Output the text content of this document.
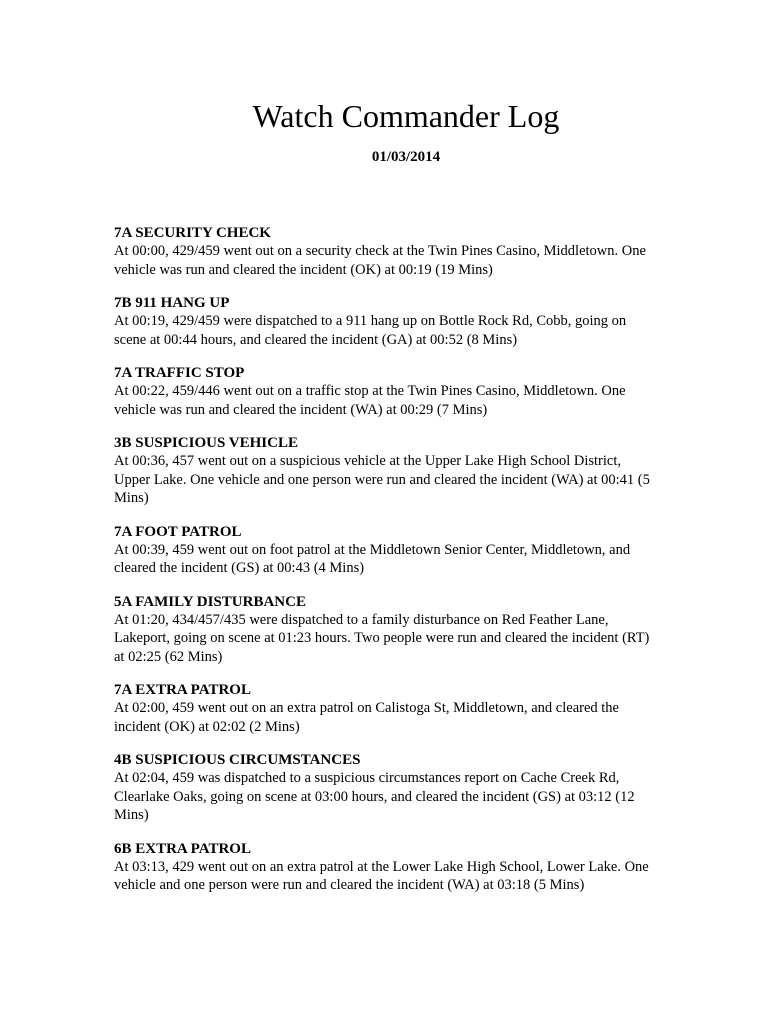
Watch Commander Log
01/03/2014
7A SECURITY CHECK
At 00:00, 429/459 went out on a security check at the Twin Pines Casino, Middletown. One vehicle was run and cleared the incident (OK) at 00:19 (19 Mins)
7B 911 HANG UP
At 00:19, 429/459 were dispatched to a 911 hang up on Bottle Rock Rd, Cobb, going on scene at 00:44 hours, and cleared the incident (GA) at 00:52 (8 Mins)
7A TRAFFIC STOP
At 00:22, 459/446 went out on a traffic stop at the Twin Pines Casino, Middletown. One vehicle was run and cleared the incident (WA) at 00:29 (7 Mins)
3B SUSPICIOUS VEHICLE
At 00:36, 457 went out on a suspicious vehicle at the Upper Lake High School District, Upper Lake. One vehicle and one person were run and cleared the incident (WA) at 00:41 (5 Mins)
7A FOOT PATROL
At 00:39, 459 went out on foot patrol at the Middletown Senior Center, Middletown, and cleared the incident (GS) at 00:43 (4 Mins)
5A FAMILY DISTURBANCE
At 01:20, 434/457/435 were dispatched to a family disturbance on Red Feather Lane, Lakeport, going on scene at 01:23 hours. Two people were run and cleared the incident (RT) at 02:25 (62 Mins)
7A EXTRA PATROL
At 02:00, 459 went out on an extra patrol on Calistoga St, Middletown, and cleared the incident (OK) at 02:02 (2 Mins)
4B SUSPICIOUS CIRCUMSTANCES
At 02:04, 459 was dispatched to a suspicious circumstances report on Cache Creek Rd, Clearlake Oaks, going on scene at 03:00 hours, and cleared the incident (GS) at 03:12 (12 Mins)
6B EXTRA PATROL
At 03:13, 429 went out on an extra patrol at the Lower Lake High School, Lower Lake. One vehicle and one person were run and cleared the incident (WA) at 03:18 (5 Mins)
